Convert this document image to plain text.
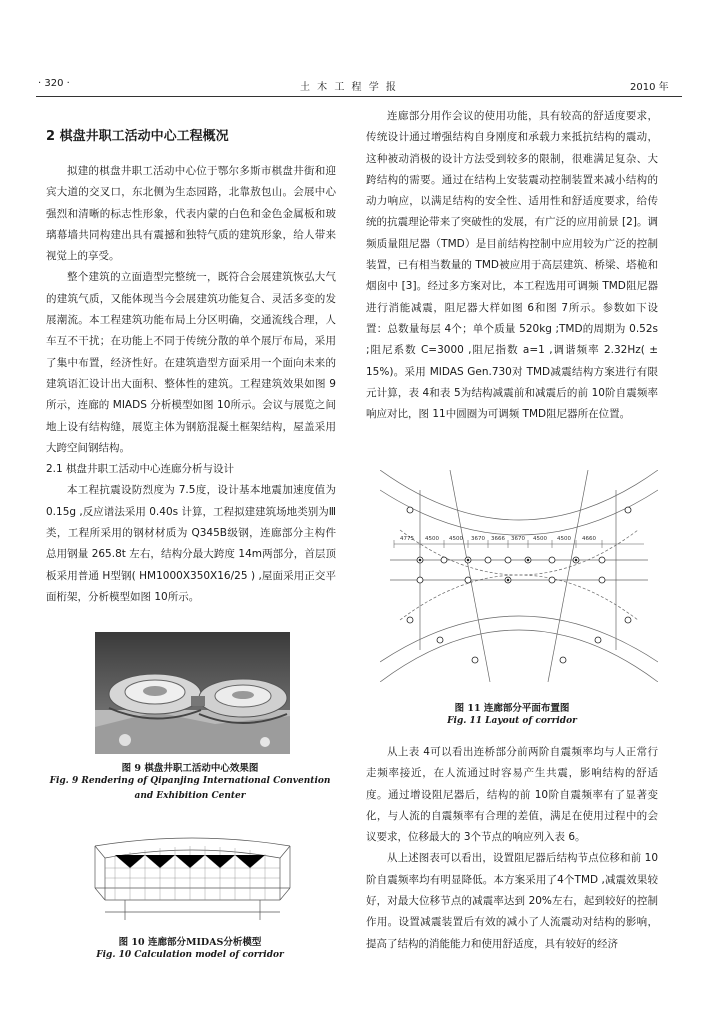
· 320 ·	土 木 工 程 学 报	2010 年

2 棋盘井职工活动中心工程概况

拟建的棋盘井职工活动中心位于鄂尔多斯市棋盘井街和迎宾大道的交叉口，东北侧为生态园路，北靠敖包山。会展中心强烈和清晰的标志性形象，代表内蒙的白色和金色金属板和玻璃幕墙共同构建出具有震撼和独特气质的建筑形象，给人带来视觉上的享受。

整个建筑的立面造型完整统一，既符合会展建筑恢弘大气的建筑气质，又能体现当今会展建筑功能复合、灵活多变的发展潮流。本工程建筑功能布局上分区明确，交通流线合理，人车互不干扰；在功能上不同于传统分散的单个展厅布局，采用了集中布置，经济性好。在建筑造型方面采用一个面向未来的建筑语汇设计出大面积、整体性的建筑。工程建筑效果如图 9所示，连廊的 MIADS 分析模型如图 10所示。会议与展览之间地上设有结构缝，展览主体为钢筋混凝土框架结构，屋盖采用大跨空间钢结构。

2.1 棋盘井职工活动中心连廊分析与设计

本工程抗震设防烈度为 7.5度，设计基本地震加速度值为 0.15g ,反应谱法采用 0.40s 计算，工程拟建建筑场地类别为Ⅲ类，工程所采用的钢材材质为 Q345B级钢，连廊部分主构件总用钢量 265.8t 左右，结构分最大跨度 14m两部分，首层顶板采用普通 H型钢( HM1000X350X16/25 ) ,屋面采用正交平面桁架，分析模型如图 10所示。

图 9 棋盘井职工活动中心效果图
Fig. 9 Rendering of Qipanjing International Convention
and Exhibition Center
图 10 连廊部分MIDAS分析模型
Fig. 10 Calculation model of corridor

连廊部分用作会议的使用功能，具有较高的舒适度要求，传统设计通过增强结构自身刚度和承载力来抵抗结构的震动，这种被动消极的设计方法受到较多的限制，很难满足复杂、大跨结构的需要。通过在结构上安装震动控制装置来减小结构的动力响应，以满足结构的安全性、适用性和舒适度要求，给传统的抗震理论带来了突破性的发展，有广泛的应用前景 [2]。调频质量阻尼器（TMD）是目前结构控制中应用较为广泛的控制装置，已有相当数量的 TMD被应用于高层建筑、桥梁、塔桅和烟囱中 [3]。经过多方案对比，本工程选用可调频 TMD阻尼器进行消能减震，阻尼器大样如图 6和图 7所示。参数如下设置：总数量每层 4个；单个质量 520kg ;TMD的周期为 0.52s ;阻尼系数 C=3000 ,阻尼指数 a=1 ,调谐频率 2.32Hz( ± 15%)。采用 MIDAS Gen.730对 TMD减震结构方案进行有限元计算，表 4和表 5为结构减震前和减震后的前 10阶自震频率响应对比，图 11中圆圈为可调频 TMD阻尼器所在位置。

4775 4500 4500 3670 3666 3670 4500 4500 4660
图 11 连廊部分平面布置图
Fig. 11 Layout of corridor

从上表 4可以看出连桥部分前两阶自震频率均与人正常行走频率接近，在人流通过时容易产生共震，影响结构的舒适度。通过增设阻尼器后，结构的前 10阶自震频率有了显著变化，与人流的自震频率有合理的差值，满足在使用过程中的会议要求，位移最大的 3个节点的响应列入表 6。

从上述图表可以看出，设置阻尼器后结构节点位移和前 10阶自震频率均有明显降低。本方案采用了4个TMD ,减震效果较好，对最大位移节点的减震率达到 20%左右，起到较好的控制作用。设置减震装置后有效的减小了人流震动对结构的影响，提高了结构的消能能力和使用舒适度，具有较好的经济
